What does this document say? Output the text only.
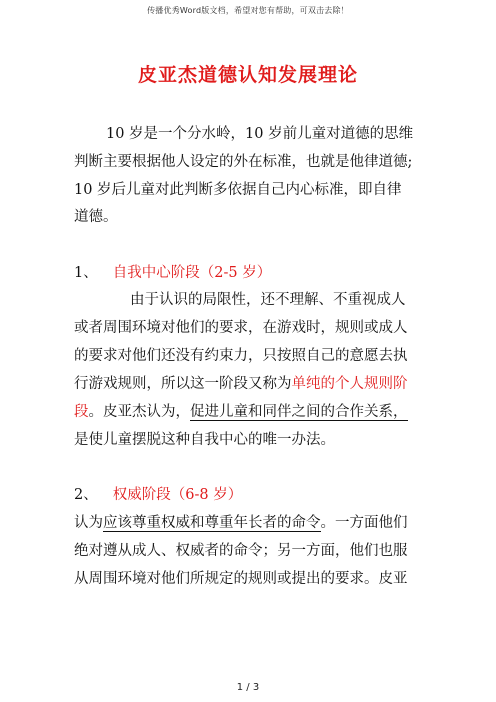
传播优秀Word版文档，希望对您有帮助，可双击去除！
皮亚杰道德认知发展理论
10 岁是一个分水岭，10 岁前儿童对道德的思维
判断主要根据他人设定的外在标准，也就是他律道德;
10 岁后儿童对此判断多依据自己内心标准，即自律
道德。
1、 自我中心阶段（2-5 岁）
由于认识的局限性，还不理解、不重视成人
或者周围环境对他们的要求，在游戏时，规则或成人
的要求对他们还没有约束力，只按照自己的意愿去执
行游戏规则，所以这一阶段又称为单纯的个人规则阶
段。皮亚杰认为，促进儿童和同伴之间的合作关系，
是使儿童摆脱这种自我中心的唯一办法。
2、 权威阶段（6-8 岁）
认为应该尊重权威和尊重年长者的命令。一方面他们
绝对遵从成人、权威者的命令；另一方面，他们也服
从周围环境对他们所规定的规则或提出的要求。皮亚
1 / 3
